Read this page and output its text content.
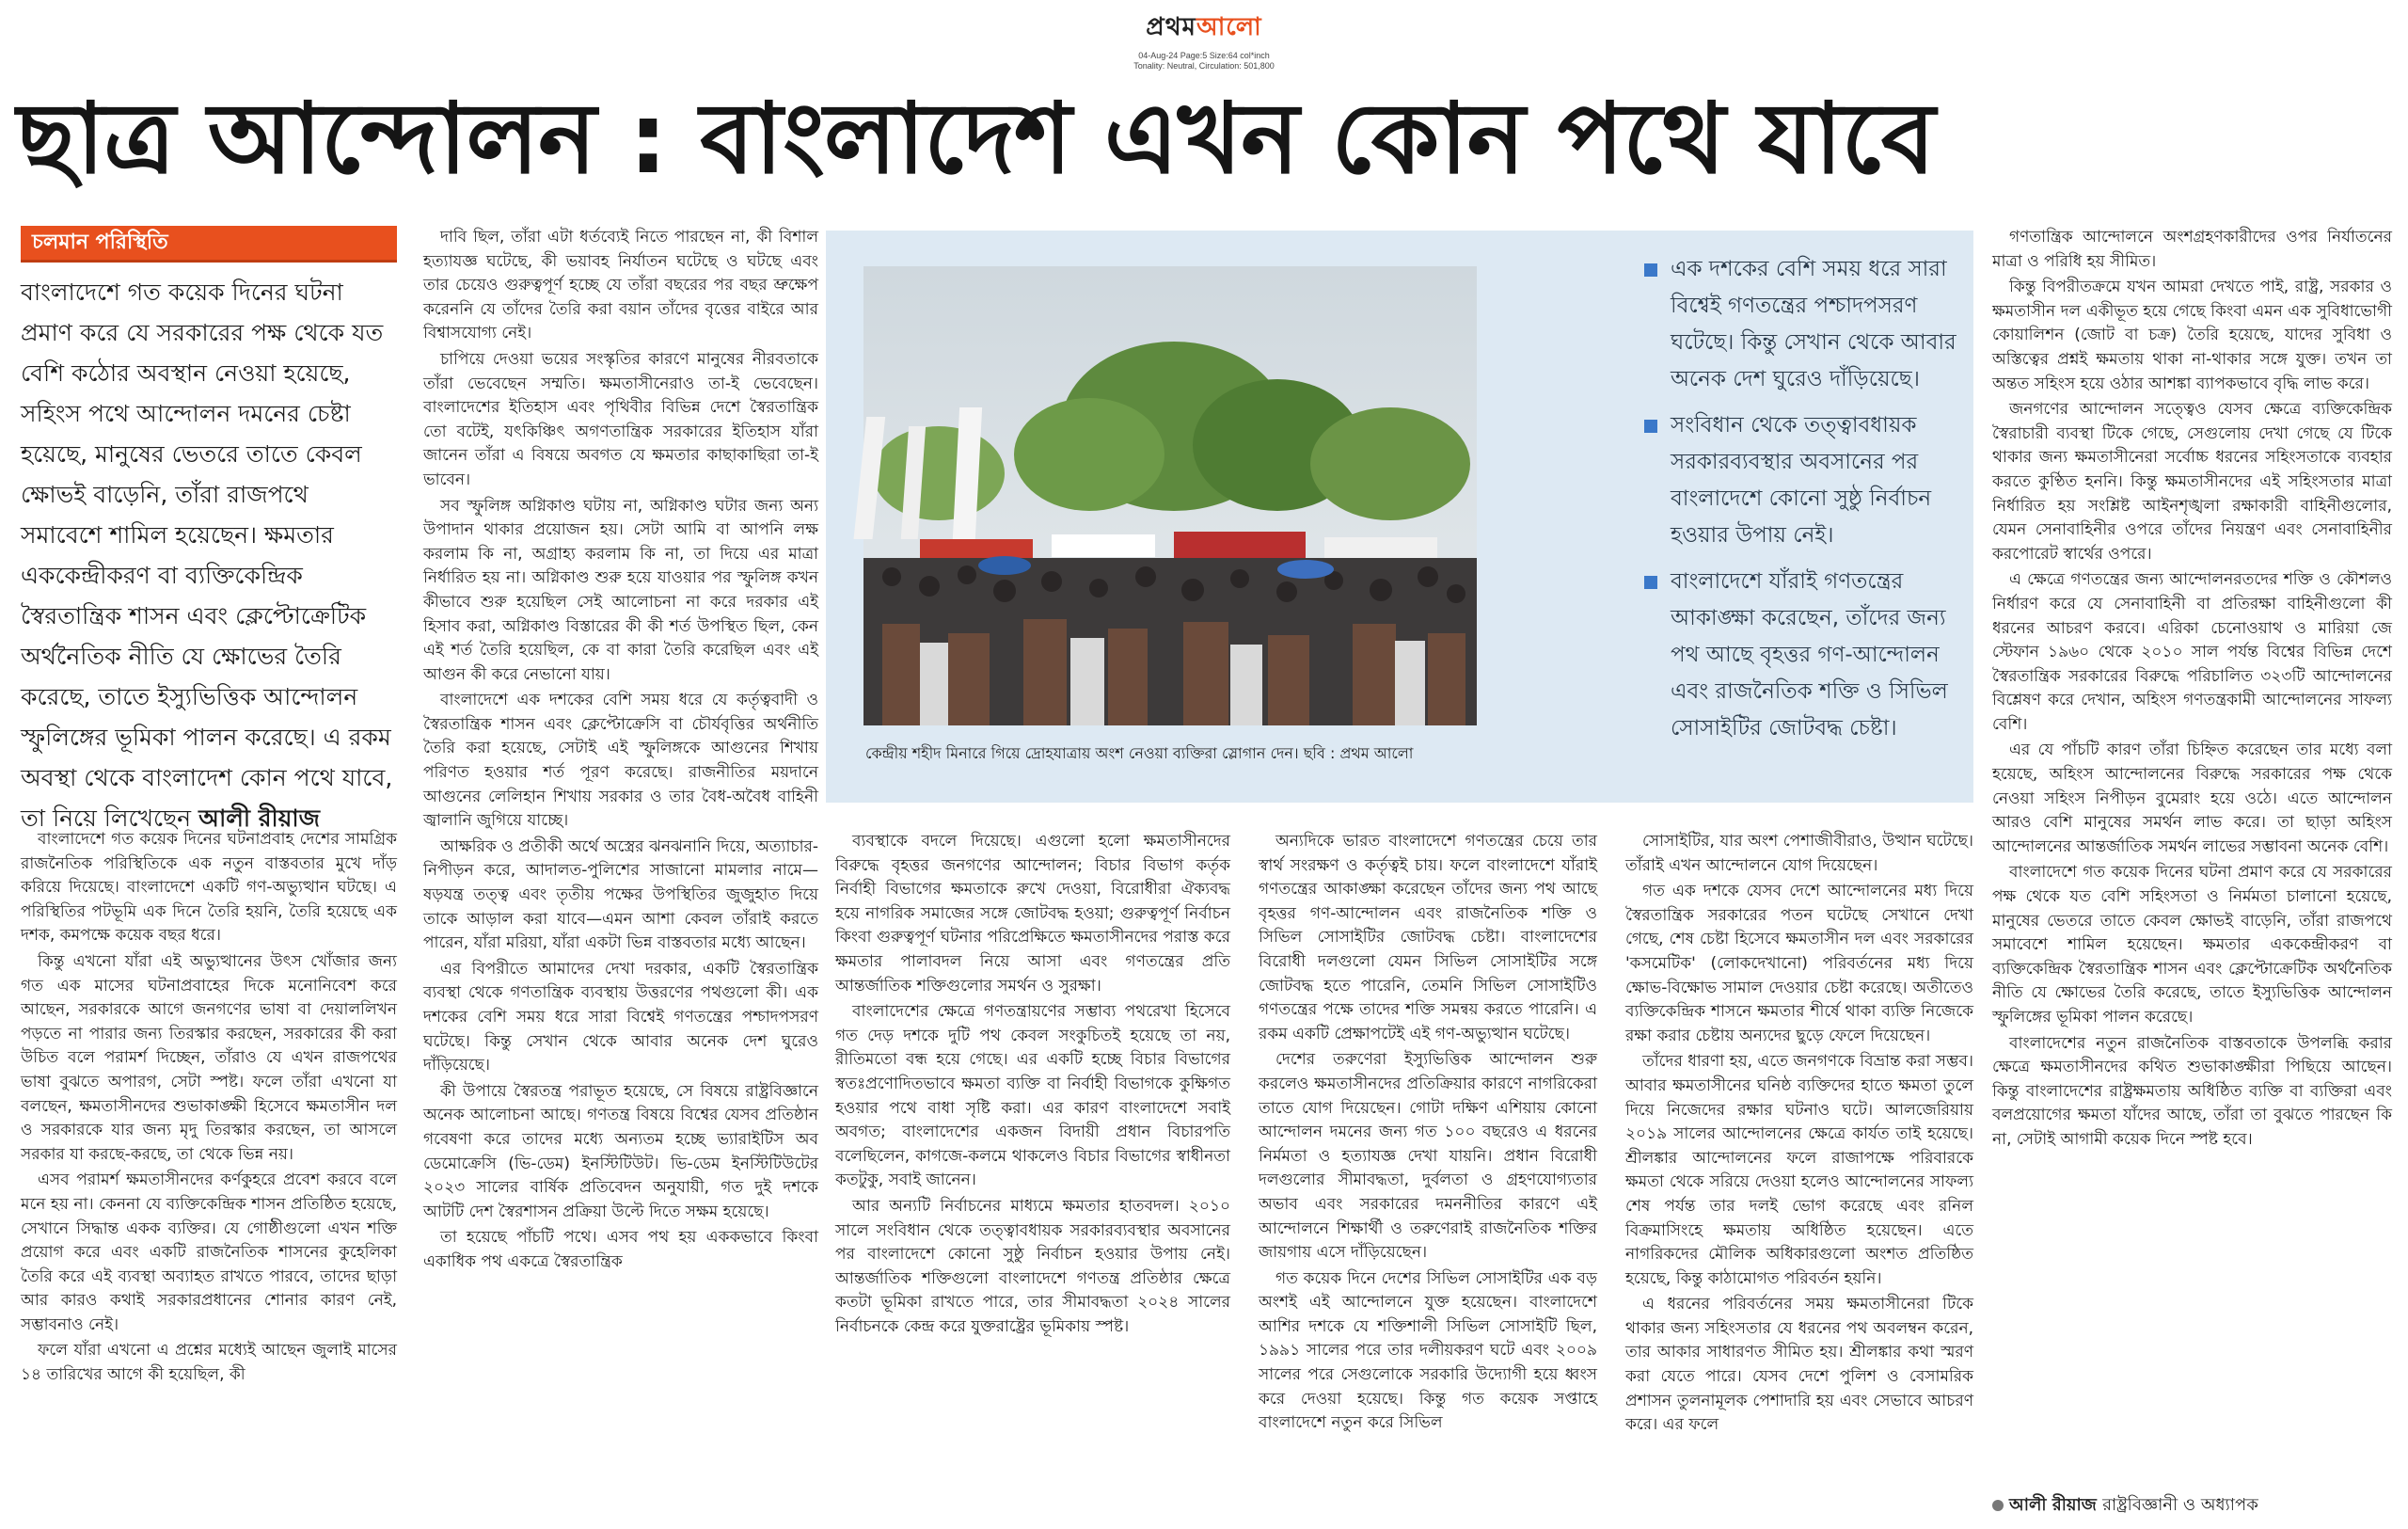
প্রথমআলো
04-Aug-24 Page:5 Size:64 col*inch
Tonality: Neutral, Circulation: 501,800
ছাত্র আন্দোলন : বাংলাদেশ এখন কোন পথে যাবে
চলমান পরিস্থিতি
বাংলাদেশে গত কয়েক দিনের ঘটনা প্রমাণ করে যে সরকারের পক্ষ থেকে যত বেশি কঠোর অবস্থান নেওয়া হয়েছে, সহিংস পথে আন্দোলন দমনের চেষ্টা হয়েছে, মানুষের ভেতরে তাতে কেবল ক্ষোভই বাড়েনি, তাঁরা রাজপথে সমাবেশে শামিল হয়েছেন। ক্ষমতার এককেন্দ্রীকরণ বা ব্যক্তিকেন্দ্রিক স্বৈরতান্ত্রিক শাসন এবং ক্লেপ্টোক্রেটিক অর্থনৈতিক নীতি যে ক্ষোভের তৈরি করেছে, তাতে ইস্যুভিত্তিক আন্দোলন স্ফুলিঙ্গের ভূমিকা পালন করেছে। এ রকম অবস্থা থেকে বাংলাদেশ কোন পথে যাবে, তা নিয়ে লিখেছেন আলী রীয়াজ

বাংলাদেশে গত কয়েক দিনের ঘটনাপ্রবাহ দেশের সামগ্রিক রাজনৈতিক পরিস্থিতিকে এক নতুন বাস্তবতার মুখে দাঁড় করিয়ে দিয়েছে। বাংলাদেশে একটি গণ-অভ্যুত্থান ঘটছে। এ পরিস্থিতির পটভূমি এক দিনে তৈরি হয়নি, তৈরি হয়েছে এক দশক, কমপক্ষে কয়েক বছর ধরে।

কিন্তু এখনো যাঁরা এই অভ্যুত্থানের উৎস খোঁজার জন্য গত এক মাসের ঘটনাপ্রবাহের দিকে মনোনিবেশ করে আছেন, সরকারকে আগে জনগণের ভাষা বা দেয়াললিখন পড়তে না পারার জন্য তিরস্কার করছেন, সরকারের কী করা উচিত বলে পরামর্শ দিচ্ছেন, তাঁরাও যে এখন রাজপথের ভাষা বুঝতে অপারগ, সেটা স্পষ্ট। ফলে তাঁরা এখনো যা বলছেন, ক্ষমতাসীনদের শুভাকাঙ্ক্ষী হিসেবে ক্ষমতাসীন দল ও সরকারকে যার জন্য মৃদু তিরস্কার করছেন, তা আসলে সরকার যা করছে-করছে, তা থেকে ভিন্ন নয়।

এসব পরামর্শ ক্ষমতাসীনদের কর্ণকুহরে প্রবেশ করবে বলে মনে হয় না। কেননা যে ব্যক্তিকেন্দ্রিক শাসন প্রতিষ্ঠিত হয়েছে, সেখানে সিদ্ধান্ত একক ব্যক্তির। যে গোষ্ঠীগুলো এখন শক্তি প্রয়োগ করে এবং একটি রাজনৈতিক শাসনের কুহেলিকা তৈরি করে এই ব্যবস্থা অব্যাহত রাখতে পারবে, তাদের ছাড়া আর কারও কথাই সরকারপ্রধানের শোনার কারণ নেই, সম্ভাবনাও নেই।

ফলে যাঁরা এখনো এ প্রশ্নের মধ্যেই আছেন জুলাই মাসের ১৪ তারিখের আগে কী হয়েছিল, কী

দাবি ছিল, তাঁরা এটা ধর্তব্যেই নিতে পারছেন না, কী বিশাল হত্যাযজ্ঞ ঘটেছে, কী ভয়াবহ নির্যাতন ঘটেছে ও ঘটছে এবং তার চেয়েও গুরুত্বপূর্ণ হচ্ছে যে তাঁরা বছরের পর বছর ভ্রুক্ষেপ করেননি যে তাঁদের তৈরি করা বয়ান তাঁদের বৃত্তের বাইরে আর বিশ্বাসযোগ্য নেই।

চাপিয়ে দেওয়া ভয়ের সংস্কৃতির কারণে মানুষের নীরবতাকে তাঁরা ভেবেছেন সম্মতি। ক্ষমতাসীনেরাও তা-ই ভেবেছেন। বাংলাদেশের ইতিহাস এবং পৃথিবীর বিভিন্ন দেশে স্বৈরতান্ত্রিক তো বটেই, যৎকিঞ্চিৎ অগণতান্ত্রিক সরকারের ইতিহাস যাঁরা জানেন তাঁরা এ বিষয়ে অবগত যে ক্ষমতার কাছাকাছিরা তা-ই ভাবেন।

সব স্ফুলিঙ্গ অগ্নিকাণ্ড ঘটায় না, অগ্নিকাণ্ড ঘটার জন্য অন্য উপাদান থাকার প্রয়োজন হয়। সেটা আমি বা আপনি লক্ষ করলাম কি না, অগ্রাহ্য করলাম কি না, তা দিয়ে এর মাত্রা নির্ধারিত হয় না। অগ্নিকাণ্ড শুরু হয়ে যাওয়ার পর স্ফুলিঙ্গ কখন কীভাবে শুরু হয়েছিল সেই আলোচনা না করে দরকার এই হিসাব করা, অগ্নিকাণ্ড বিস্তারের কী কী শর্ত উপস্থিত ছিল, কেন এই শর্ত তৈরি হয়েছিল, কে বা কারা তৈরি করেছিল এবং এই আগুন কী করে নেভানো যায়।

বাংলাদেশে এক দশকের বেশি সময় ধরে যে কর্তৃত্ববাদী ও স্বৈরতান্ত্রিক শাসন এবং ক্লেপ্টোক্রেসি বা চৌর্যবৃত্তির অর্থনীতি তৈরি করা হয়েছে, সেটাই এই স্ফুলিঙ্গকে আগুনের শিখায় পরিণত হওয়ার শর্ত পূরণ করেছে। রাজনীতির ময়দানে আগুনের লেলিহান শিখায় সরকার ও তার বৈধ-অবৈধ বাহিনী জ্বালানি জুগিয়ে যাচ্ছে।

আক্ষরিক ও প্রতীকী অর্থে অস্ত্রের ঝনঝনানি দিয়ে, অত্যাচার-নিপীড়ন করে, আদালত-পুলিশের সাজানো মামলার নামে—ষড়যন্ত্র তত্ত্ব এবং তৃতীয় পক্ষের উপস্থিতির জুজুহাত দিয়ে তাকে আড়াল করা যাবে—এমন আশা কেবল তাঁরাই করতে পারেন, যাঁরা মরিয়া, যাঁরা একটা ভিন্ন বাস্তবতার মধ্যে আছেন।

এর বিপরীতে আমাদের দেখা দরকার, একটি স্বৈরতান্ত্রিক ব্যবস্থা থেকে গণতান্ত্রিক ব্যবস্থায় উত্তরণের পথগুলো কী। এক দশকের বেশি সময় ধরে সারা বিশ্বেই গণতন্ত্রের পশ্চাদপসরণ ঘটেছে। কিন্তু সেখান থেকে আবার অনেক দেশ ঘুরেও দাঁড়িয়েছে।

কী উপায়ে স্বৈরতন্ত্র পরাভূত হয়েছে, সে বিষয়ে রাষ্ট্রবিজ্ঞানে অনেক আলোচনা আছে। গণতন্ত্র বিষয়ে বিশ্বের যেসব প্রতিষ্ঠান গবেষণা করে তাদের মধ্যে অন্যতম হচ্ছে ভ্যারাইটিস অব ডেমোক্রেসি (ভি-ডেম) ইনস্টিটিউট। ভি-ডেম ইনস্টিটিউটের ২০২৩ সালের বার্ষিক প্রতিবেদন অনুযায়ী, গত দুই দশকে আটটি দেশ স্বৈরশাসন প্রক্রিয়া উল্টে দিতে সক্ষম হয়েছে।

তা হয়েছে পাঁচটি পথে। এসব পথ হয় এককভাবে কিংবা একাধিক পথ একত্রে স্বৈরতান্ত্রিক

ব্যবস্থাকে বদলে দিয়েছে। এগুলো হলো ক্ষমতাসীনদের বিরুদ্ধে বৃহত্তর জনগণের আন্দোলন; বিচার বিভাগ কর্তৃক নির্বাহী বিভাগের ক্ষমতাকে রুখে দেওয়া, বিরোধীরা ঐক্যবদ্ধ হয়ে নাগরিক সমাজের সঙ্গে জোটবদ্ধ হওয়া; গুরুত্বপূর্ণ নির্বাচন কিংবা গুরুত্বপূর্ণ ঘটনার পরিপ্রেক্ষিতে ক্ষমতাসীনদের পরাস্ত করে ক্ষমতার পালাবদল নিয়ে আসা এবং গণতন্ত্রের প্রতি আন্তর্জাতিক শক্তিগুলোর সমর্থন ও সুরক্ষা।

বাংলাদেশের ক্ষেত্রে গণতন্ত্রায়ণের সম্ভাব্য পথরেখা হিসেবে গত দেড় দশকে দুটি পথ কেবল সংকুচিতই হয়েছে তা নয়, রীতিমতো বন্ধ হয়ে গেছে। এর একটি হচ্ছে বিচার বিভাগের স্বতঃপ্রণোদিতভাবে ক্ষমতা ব্যক্তি বা নির্বাহী বিভাগকে কুক্ষিগত হওয়ার পথে বাধা সৃষ্টি করা। এর কারণ বাংলাদেশে সবাই অবগত; বাংলাদেশের একজন বিদায়ী প্রধান বিচারপতি বলেছিলেন, কাগজে-কলমে থাকলেও বিচার বিভাগের স্বাধীনতা কতটুকু, সবাই জানেন।

আর অন্যটি নির্বাচনের মাধ্যমে ক্ষমতার হাতবদল। ২০১০ সালে সংবিধান থেকে তত্ত্বাবধায়ক সরকারব্যবস্থার অবসানের পর বাংলাদেশে কোনো সুষ্ঠু নির্বাচন হওয়ার উপায় নেই। আন্তর্জাতিক শক্তিগুলো বাংলাদেশে গণতন্ত্র প্রতিষ্ঠার ক্ষেত্রে কতটা ভূমিকা রাখতে পারে, তার সীমাবদ্ধতা ২০২৪ সালের নির্বাচনকে কেন্দ্র করে যুক্তরাষ্ট্রের ভূমিকায় স্পষ্ট।

অন্যদিকে ভারত বাংলাদেশে গণতন্ত্রের চেয়ে তার স্বার্থ সংরক্ষণ ও কর্তৃত্বই চায়। ফলে বাংলাদেশে যাঁরাই গণতন্ত্রের আকাঙ্ক্ষা করেছেন তাঁদের জন্য পথ আছে বৃহত্তর গণ-আন্দোলন এবং রাজনৈতিক শক্তি ও সিভিল সোসাইটির জোটবদ্ধ চেষ্টা। বাংলাদেশের বিরোধী দলগুলো যেমন সিভিল সোসাইটির সঙ্গে জোটবদ্ধ হতে পারেনি, তেমনি সিভিল সোসাইটিও গণতন্ত্রের পক্ষে তাদের শক্তি সমন্বয় করতে পারেনি। এ রকম একটি প্রেক্ষাপটেই এই গণ-অভ্যুত্থান ঘটেছে।

দেশের তরুণেরা ইস্যুভিত্তিক আন্দোলন শুরু করলেও ক্ষমতাসীনদের প্রতিক্রিয়ার কারণে নাগরিকেরা তাতে যোগ দিয়েছেন। গোটা দক্ষিণ এশিয়ায় কোনো আন্দোলন দমনের জন্য গত ১০০ বছরেও এ ধরনের নির্মমতা ও হত্যাযজ্ঞ দেখা যায়নি। প্রধান বিরোধী দলগুলোর সীমাবদ্ধতা, দুর্বলতা ও গ্রহণযোগ্যতার অভাব এবং সরকারের দমননীতির কারণে এই আন্দোলনে শিক্ষার্থী ও তরুণেরাই রাজনৈতিক শক্তির জায়গায় এসে দাঁড়িয়েছেন।

গত কয়েক দিনে দেশের সিভিল সোসাইটির এক বড় অংশই এই আন্দোলনে যুক্ত হয়েছেন। বাংলাদেশে আশির দশকে যে শক্তিশালী সিভিল সোসাইটি ছিল, ১৯৯১ সালের পরে তার দলীয়করণ ঘটে এবং ২০০৯ সালের পরে সেগুলোকে সরকারি উদ্যোগী হয়ে ধ্বংস করে দেওয়া হয়েছে। কিন্তু গত কয়েক সপ্তাহে বাংলাদেশে নতুন করে সিভিল

সোসাইটির, যার অংশ পেশাজীবীরাও, উত্থান ঘটেছে। তাঁরাই এখন আন্দোলনে যোগ দিয়েছেন।

গত এক দশকে যেসব দেশে আন্দোলনের মধ্য দিয়ে স্বৈরতান্ত্রিক সরকারের পতন ঘটেছে সেখানে দেখা গেছে, শেষ চেষ্টা হিসেবে ক্ষমতাসীন দল এবং সরকারের 'কসমেটিক' (লোকদেখানো) পরিবর্তনের মধ্য দিয়ে ক্ষোভ-বিক্ষোভ সামাল দেওয়ার চেষ্টা করেছে। অতীতেও ব্যক্তিকেন্দ্রিক শাসনে ক্ষমতার শীর্ষে থাকা ব্যক্তি নিজেকে রক্ষা করার চেষ্টায় অন্যদের ছুড়ে ফেলে দিয়েছেন।

তাঁদের ধারণা হয়, এতে জনগণকে বিভ্রান্ত করা সম্ভব। আবার ক্ষমতাসীনের ঘনিষ্ঠ ব্যক্তিদের হাতে ক্ষমতা তুলে দিয়ে নিজেদের রক্ষার ঘটনাও ঘটে। আলজেরিয়ায় ২০১৯ সালের আন্দোলনের ক্ষেত্রে কার্যত তাই হয়েছে। শ্রীলঙ্কার আন্দোলনের ফলে রাজাপক্ষে পরিবারকে ক্ষমতা থেকে সরিয়ে দেওয়া হলেও আন্দোলনের সাফল্য শেষ পর্যন্ত তার দলই ভোগ করেছে এবং রনিল বিক্রমাসিংহে ক্ষমতায় অধিষ্ঠিত হয়েছেন। এতে নাগরিকদের মৌলিক অধিকারগুলো অংশত প্রতিষ্ঠিত হয়েছে, কিন্তু কাঠামোগত পরিবর্তন হয়নি।

এ ধরনের পরিবর্তনের সময় ক্ষমতাসীনেরা টিকে থাকার জন্য সহিংসতার যে ধরনের পথ অবলম্বন করেন, তার আকার সাধারণত সীমিত হয়। শ্রীলঙ্কার কথা স্মরণ করা যেতে পারে। যেসব দেশে পুলিশ ও বেসামরিক প্রশাসন তুলনামূলক পেশাদারি হয় এবং সেভাবে আচরণ করে। এর ফলে

গণতান্ত্রিক আন্দোলনে অংশগ্রহণকারীদের ওপর নির্যাতনের মাত্রা ও পরিধি হয় সীমিত।

কিন্তু বিপরীতক্রমে যখন আমরা দেখতে পাই, রাষ্ট্র, সরকার ও ক্ষমতাসীন দল একীভূত হয়ে গেছে কিংবা এমন এক সুবিধাভোগী কোয়ালিশন (জোট বা চক্র) তৈরি হয়েছে, যাদের সুবিধা ও অস্তিত্বের প্রশ্নই ক্ষমতায় থাকা না-থাকার সঙ্গে যুক্ত। তখন তা অন্তত সহিংস হয়ে ওঠার আশঙ্কা ব্যাপকভাবে বৃদ্ধি লাভ করে।

জনগণের আন্দোলন সত্ত্বেও যেসব ক্ষেত্রে ব্যক্তিকেন্দ্রিক স্বৈরাচারী ব্যবস্থা টিকে গেছে, সেগুলোয় দেখা গেছে যে টিকে থাকার জন্য ক্ষমতাসীনেরা সর্বোচ্চ ধরনের সহিংসতাকে ব্যবহার করতে কুণ্ঠিত হননি। কিন্তু ক্ষমতাসীনদের এই সহিংসতার মাত্রা নির্ধারিত হয় সংশ্লিষ্ট আইনশৃঙ্খলা রক্ষাকারী বাহিনীগুলোর, যেমন সেনাবাহিনীর ওপরে তাঁদের নিয়ন্ত্রণ এবং সেনাবাহিনীর করপোরেট স্বার্থের ওপরে।

এ ক্ষেত্রে গণতন্ত্রের জন্য আন্দোলনরতদের শক্তি ও কৌশলও নির্ধারণ করে যে সেনাবাহিনী বা প্রতিরক্ষা বাহিনীগুলো কী ধরনের আচরণ করবে। এরিকা চেনোওয়াথ ও মারিয়া জে স্টেফান ১৯৬০ থেকে ২০১০ সাল পর্যন্ত বিশ্বের বিভিন্ন দেশে স্বৈরতান্ত্রিক সরকারের বিরুদ্ধে পরিচালিত ৩২৩টি আন্দোলনের বিশ্লেষণ করে দেখান, অহিংস গণতন্ত্রকামী আন্দোলনের সাফল্য বেশি।

এর যে পাঁচটি কারণ তাঁরা চিহ্নিত করেছেন তার মধ্যে বলা হয়েছে, অহিংস আন্দোলনের বিরুদ্ধে সরকারের পক্ষ থেকে নেওয়া সহিংস নিপীড়ন বুমেরাং হয়ে ওঠে। এতে আন্দোলন আরও বেশি মানুষের সমর্থন লাভ করে। তা ছাড়া অহিংস আন্দোলনের আন্তর্জাতিক সমর্থন লাভের সম্ভাবনা অনেক বেশি।

বাংলাদেশে গত কয়েক দিনের ঘটনা প্রমাণ করে যে সরকারের পক্ষ থেকে যত বেশি সহিংসতা ও নির্মমতা চালানো হয়েছে, মানুষের ভেতরে তাতে কেবল ক্ষোভই বাড়েনি, তাঁরা রাজপথে সমাবেশে শামিল হয়েছেন। ক্ষমতার এককেন্দ্রীকরণ বা ব্যক্তিকেন্দ্রিক স্বৈরতান্ত্রিক শাসন এবং ক্লেপ্টোক্রেটিক অর্থনৈতিক নীতি যে ক্ষোভের তৈরি করেছে, তাতে ইস্যুভিত্তিক আন্দোলন স্ফুলিঙ্গের ভূমিকা পালন করেছে।

বাংলাদেশের নতুন রাজনৈতিক বাস্তবতাকে উপলব্ধি করার ক্ষেত্রে ক্ষমতাসীনদের কথিত শুভাকাঙ্ক্ষীরা পিছিয়ে আছেন। কিন্তু বাংলাদেশের রাষ্ট্রক্ষমতায় অধিষ্ঠিত ব্যক্তি বা ব্যক্তিরা এবং বলপ্রয়োগের ক্ষমতা যাঁদের আছে, তাঁরা তা বুঝতে পারছেন কি না, সেটাই আগামী কয়েক দিনে স্পষ্ট হবে।

কেন্দ্রীয় শহীদ মিনারে গিয়ে দ্রোহযাত্রায় অংশ নেওয়া ব্যক্তিরা স্লোগান দেন। ছবি : প্রথম আলো
এক দশকের বেশি সময় ধরে সারা বিশ্বেই গণতন্ত্রের পশ্চাদপসরণ ঘটেছে। কিন্তু সেখান থেকে আবার অনেক দেশ ঘুরেও দাঁড়িয়েছে।
সংবিধান থেকে তত্ত্বাবধায়ক সরকারব্যবস্থার অবসানের পর বাংলাদেশে কোনো সুষ্ঠু নির্বাচন হওয়ার উপায় নেই।
বাংলাদেশে যাঁরাই গণতন্ত্রের আকাঙ্ক্ষা করেছেন, তাঁদের জন্য পথ আছে বৃহত্তর গণ-আন্দোলন এবং রাজনৈতিক শক্তি ও সিভিল সোসাইটির জোটবদ্ধ চেষ্টা।
আলী রীয়াজ রাষ্ট্রবিজ্ঞানী ও অধ্যাপক
